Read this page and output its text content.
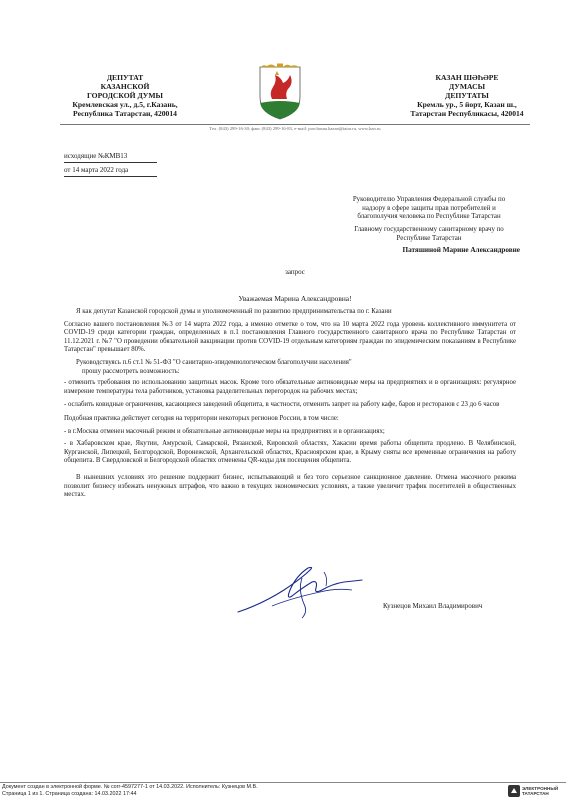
ДЕПУТАТ
КАЗАНСКОЙ
ГОРОДСКОЙ ДУМЫ
Кремлевская ул., д.5, г.Казань,
Республика Татарстан, 420014
КАЗАН ШӘҺӘРЕ
ДУМАСЫ
ДЕПУТАТЫ
Кремль ур., 5 йорт, Казан ш.,
Татарстан Республикасы, 420014
Тел. (843) 299-16-30; факс (843) 299-16-83, e-mail: porchasna.kazan@tatar.ru, www.kzn.ru
исходящие №КМВ13
от 14 марта 2022 года
Руководителю Управления Федеральной службы по
надзору в сфере защиты прав потребителей и
благополучия человека по Республике Татарстан
Главному государственному санитарному врачу по
Республике Татарстан
Патяшиной Марине Александровне
запрос
Уважаемая Марина Александровна!

Я как депутат Казанской городской думы и уполномоченный по развитию предпринимательства по г. Казани

Согласно вашего постановления №3 от 14 марта 2022 года, а именно отметке о том, что на 10 марта 2022 года уровень коллективного иммунитета от COVID-19 среди категории граждан, определенных в п.1 постановления Главного государственного санитарного врача по Республике Татарстан от 11.12.2021 г. №7 "О проведении обязательной вакцинации против COVID-19 отдельным категориям граждан по эпидемическим показаниям в Республике Татарстан" превышает 80%.

Руководствуясь п.6 ст.1 № 51-ФЗ "О санитарно-эпидемиологическом благополучии населения"

прошу рассмотреть возможность:

- отменить требования по использованию защитных масок. Кроме того обязательные антиковидные меры на предприятиях и в организациях: регулярное измерение температуры тела работников, установка разделительных перегородок на рабочих местах;

- ослабить ковидные ограничения, касающиеся заведений общепита, в частности, отменить запрет на работу кафе, баров и ресторанов с 23 до 6 часов

Подобная практика действует сегодня на территории некоторых регионов России, в том числе:

- в г.Москва отменен масочный режим и обязательные антиковидные меры на предприятиях и в организациях;

- в Хабаровском крае, Якутии, Амурской, Самарской, Рязанской, Кировской областях, Хакасии время работы общепита продлено. В Челябинской, Курганской, Липецкой, Белгородской, Воронежской, Архангельской областях, Красноярском крае, в Крыму сняты все временные ограничения на работу общепита. В Свердловской и Белгородской областях отменены QR-коды для посещения общепита.

В нынешних условиях это решение поддержит бизнес, испытывающий и без того серьезное санкционное давление. Отмена масочного режима позволит бизнесу избежать ненужных штрафов, что важно в текущих экономических условиях, а также увеличит трафик посетителей в общественных местах.

Кузнецов Михаил Владимирович
Документ создан в электронной форме. № corr-4597277-1 от 14.03.2022. Исполнитель: Кузнецов М.В.
Страница 1 из 1. Страница создана: 14.03.2022 17:44
ЭЛЕКТРОННЫЙ
ТАТАРСТАН
